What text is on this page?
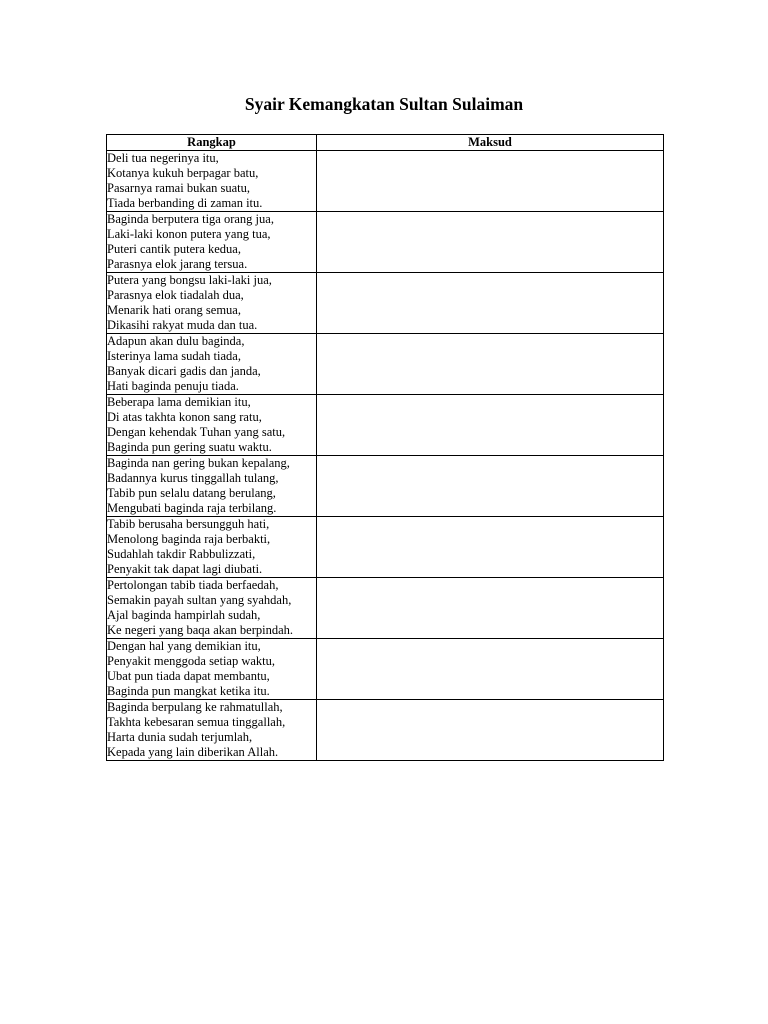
Syair Kemangkatan Sultan Sulaiman
Rangkap	Maksud

Deli tua negerinya itu,
Kotanya kukuh berpagar batu,
Pasarnya ramai bukan suatu,
Tiada berbanding di zaman itu.	

Baginda berputera tiga orang jua,
Laki-laki konon putera yang tua,
Puteri cantik putera kedua,
Parasnya elok jarang tersua.	

Putera yang bongsu laki-laki jua,
Parasnya elok tiadalah dua,
Menarik hati orang semua,
Dikasihi rakyat muda dan tua.	

Adapun akan dulu baginda,
Isterinya lama sudah tiada,
Banyak dicari gadis dan janda,
Hati baginda penuju tiada.	

Beberapa lama demikian itu,
Di atas takhta konon sang ratu,
Dengan kehendak Tuhan yang satu,
Baginda pun gering suatu waktu.	

Baginda nan gering bukan kepalang,
Badannya kurus tinggallah tulang,
Tabib pun selalu datang berulang,
Mengubati baginda raja terbilang.	

Tabib berusaha bersungguh hati,
Menolong baginda raja berbakti,
Sudahlah takdir Rabbulizzati,
Penyakit tak dapat lagi diubati.	

Pertolongan tabib tiada berfaedah,
Semakin payah sultan yang syahdah,
Ajal baginda hampirlah sudah,
Ke negeri yang baqa akan berpindah.	

Dengan hal yang demikian itu,
Penyakit menggoda setiap waktu,
Ubat pun tiada dapat membantu,
Baginda pun mangkat ketika itu.	

Baginda berpulang ke rahmatullah,
Takhta kebesaran semua tinggallah,
Harta dunia sudah terjumlah,
Kepada yang lain diberikan Allah.	
